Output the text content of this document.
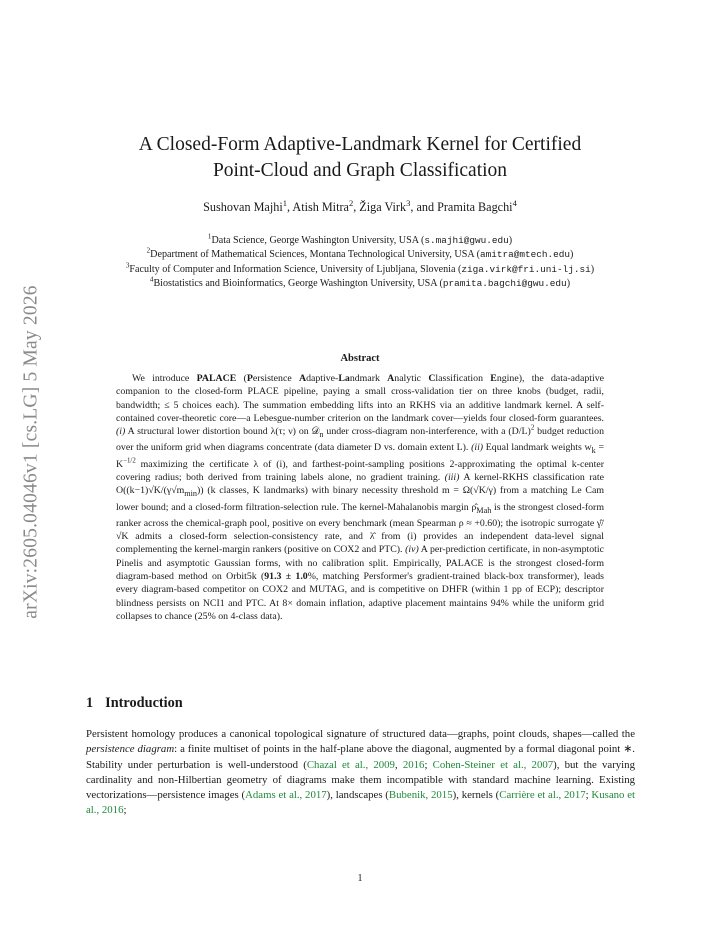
arXiv:2605.04046v1 [cs.LG] 5 May 2026
A Closed-Form Adaptive-Landmark Kernel for Certified
Point-Cloud and Graph Classification
Sushovan Majhi$^1$, Atish Mitra$^2$, Žiga Virk$^3$, and Pramita Bagchi$^4$
$^1$Data Science, George Washington University, USA (s.majhi@gwu.edu)
$^2$Department of Mathematical Sciences, Montana Technological University, USA (amitra@mtech.edu)
$^3$Faculty of Computer and Information Science, University of Ljubljana, Slovenia (ziga.virk@fri.uni-lj.si)
$^4$Biostatistics and Bioinformatics, George Washington University, USA (pramita.bagchi@gwu.edu)
Abstract
We introduce PALACE (Persistence Adaptive-Landmark Analytic Classification Engine), the data-adaptive companion to the closed-form PLACE pipeline, paying a small cross-validation tier on three knobs (budget, radii, bandwidth; ≤ 5 choices each). The summation embedding lifts into an RKHS via an additive landmark kernel. A self-contained cover-theoretic core—a Lebesgue-number criterion on the landmark cover—yields four closed-form guarantees. (i) A structural lower distortion bound λ(τ; ν) on 𝒟$_n$ under cross-diagram non-interference, with a $(D/L)^2$ budget reduction over the uniform grid when diagrams concentrate (data diameter D vs. domain extent L). (ii) Equal landmark weights $w_k = K^{-1/2}$ maximizing the certificate λ of (i), and farthest-point-sampling positions 2-approximating the optimal k-center covering radius; both derived from training labels alone, no gradient training. (iii) A kernel-RKHS classification rate $O((k-1)√K/(\gamma√m_{min}))$ (k classes, K landmarks) with binary necessity threshold m = Ω(√K/γ) from a matching Le Cam lower bound; and a closed-form filtration-selection rule. The kernel-Mahalanobis margin $\rhô_{Mah}$ is the strongest closed-form ranker across the chemical-graph pool, positive on every benchmark (mean Spearman ρ ≈ +0.60); the isotropic surrogate γ̂/√K admits a closed-form selection-consistency rate, and λ̂ from (i) provides an independent data-level signal complementing the kernel-margin rankers (positive on COX2 and PTC). (iv) A per-prediction certificate, in non-asymptotic Pinelis and asymptotic Gaussian forms, with no calibration split. Empirically, PALACE is the strongest closed-form diagram-based method on Orbit5k (91.3 ± 1.0%, matching Persformer's gradient-trained black-box transformer), leads every diagram-based competitor on COX2 and MUTAG, and is competitive on DHFR (within 1 pp of ECP); descriptor blindness persists on NCI1 and PTC. At 8× domain inflation, adaptive placement maintains 94% while the uniform grid collapses to chance (25% on 4-class data).
1 Introduction
Persistent homology produces a canonical topological signature of structured data—graphs, point clouds, shapes—called the persistence diagram: a finite multiset of points in the half-plane above the diagonal, augmented by a formal diagonal point ∗. Stability under perturbation is well-understood (Chazal et al., 2009, 2016; Cohen-Steiner et al., 2007), but the varying cardinality and non-Hilbertian geometry of diagrams make them incompatible with standard machine learning. Existing vectorizations—persistence images (Adams et al., 2017), landscapes (Bubenik, 2015), kernels (Carrière et al., 2017; Kusano et al., 2016;
1
